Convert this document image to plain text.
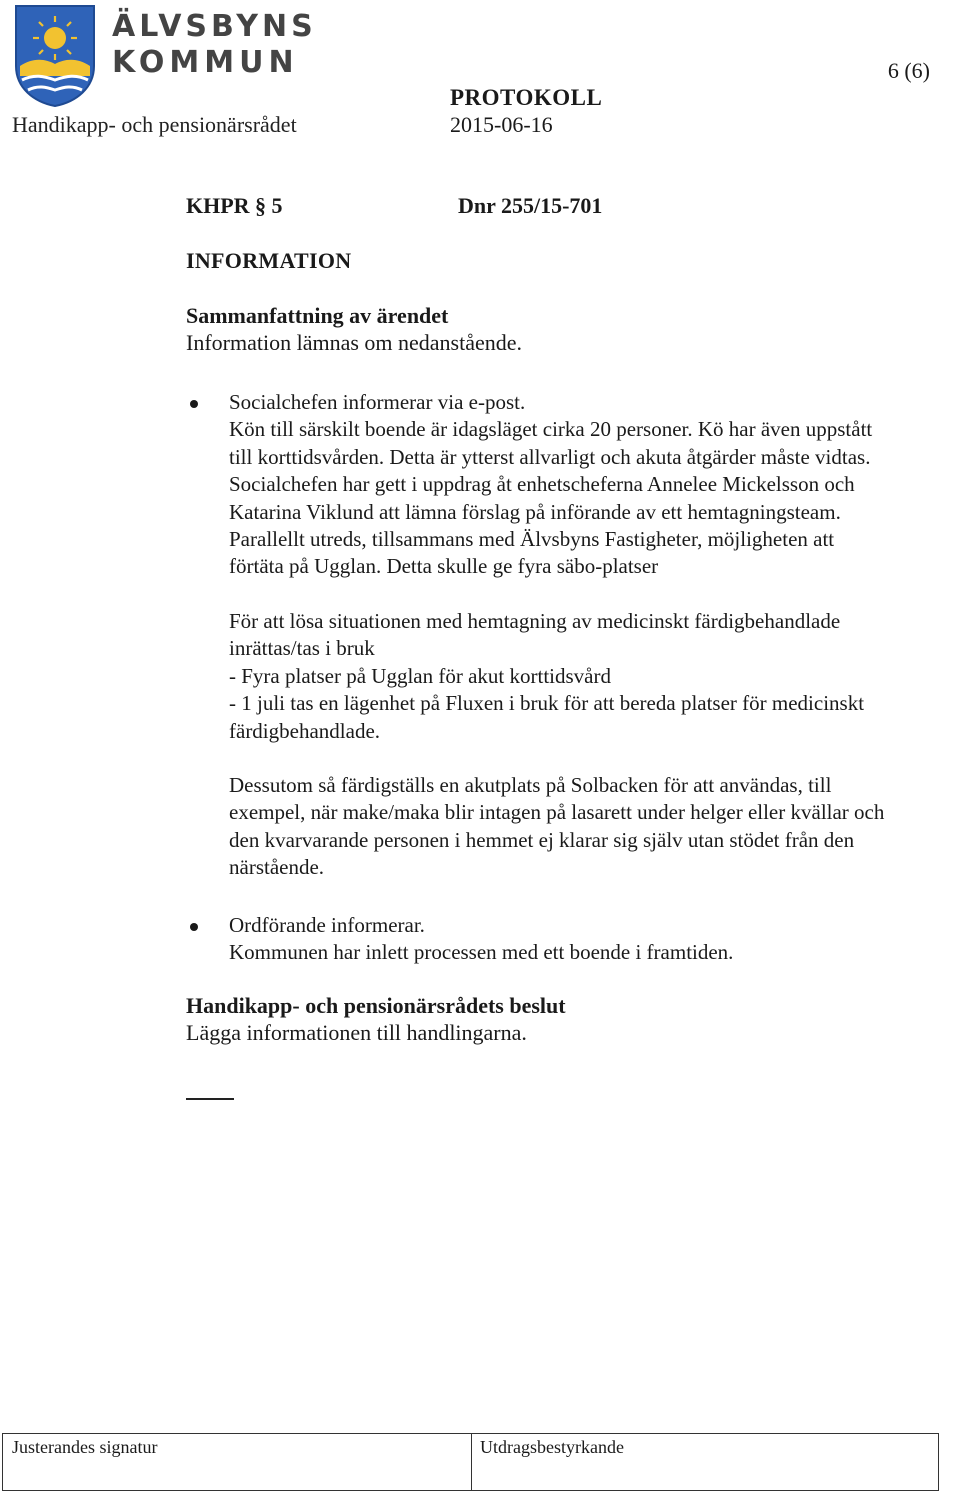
ÄLVSBYNS
KOMMUN	6 (6)
Handikapp- och pensionärsrådet
PROTOKOLL
2015-06-16
KHPR § 5	Dnr 255/15-701
INFORMATION
Sammanfattning av ärendet
Information lämnas om nedanstående.
Socialchefen informerar via e-post.
Kön till särskilt boende är idagsläget cirka 20 personer. Kö har även uppstått
till korttidsvården. Detta är ytterst allvarligt och akuta åtgärder måste vidtas.
Socialchefen har gett i uppdrag åt enhetscheferna Annelee Mickelsson och
Katarina Viklund att lämna förslag på införande av ett hemtagningsteam.
Parallellt utreds, tillsammans med Älvsbyns Fastigheter, möjligheten att
förtäta på Ugglan. Detta skulle ge fyra säbo-platser
För att lösa situationen med hemtagning av medicinskt färdigbehandlade
inrättas/tas i bruk
- Fyra platser på Ugglan för akut korttidsvård
- 1 juli tas en lägenhet på Fluxen i bruk för att bereda platser för medicinskt
färdigbehandlade.
Dessutom så färdigställs en akutplats på Solbacken för att användas, till
exempel, när make/maka blir intagen på lasarett under helger eller kvällar och
den kvarvarande personen i hemmet ej klarar sig själv utan stödet från den
närstående.
Ordförande informerar.
Kommunen har inlett processen med ett boende i framtiden.
Handikapp- och pensionärsrådets beslut
Lägga informationen till handlingarna.
Justerandes signatur	Utdragsbestyrkande
